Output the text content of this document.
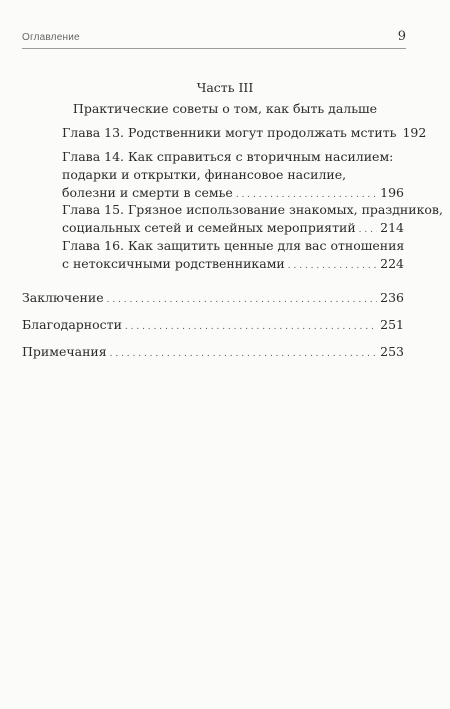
Оглавление	9
Часть III
Практические советы о том, как быть дальше
Глава 13. Родственники могут продолжать мстить 192
Глава 14. Как справиться с вторичным насилием:
подарки и открытки, финансовое насилие,
болезни и смерти в семье . . .	196
Глава 15. Грязное использование знакомых, праздников,
социальных сетей и семейных мероприятий . . . 214
Глава 16. Как защитить ценные для вас отношения
с нетоксичными родственниками . . .	224
Заключение . . .	236
Благодарности . . .	251
Примечания . . .	253
